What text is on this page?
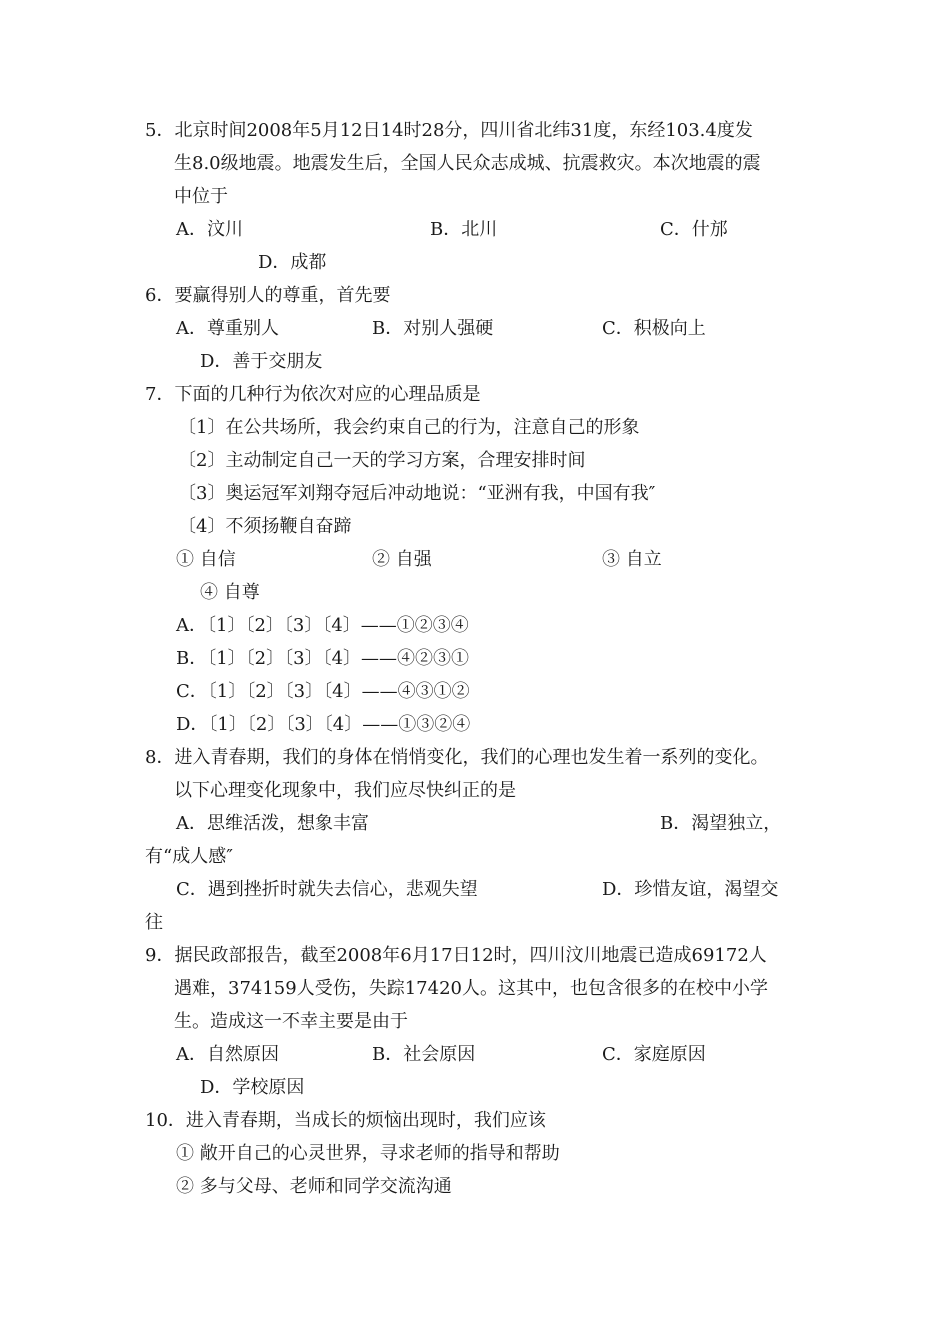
5．北京时间2008年5月12日14时28分，四川省北纬31度，东经103.4度发
生8.0级地震。地震发生后，全国人民众志成城、抗震救灾。本次地震的震
中位于
A．汶川	B．北川	C．什邡
D．成都
6．要赢得别人的尊重，首先要
A．尊重别人	B．对别人强硬	C．积极向上
D．善于交朋友
7．下面的几种行为依次对应的心理品质是
〔1〕在公共场所，我会约束自己的行为，注意自己的形象
〔2〕主动制定自己一天的学习方案，合理安排时间
〔3〕奥运冠军刘翔夺冠后冲动地说：“亚洲有我，中国有我″
〔4〕不须扬鞭自奋蹄
① 自信	② 自强	③ 自立
④ 自尊
A．〔1〕〔2〕〔3〕〔4〕——①②③④
B．〔1〕〔2〕〔3〕〔4〕——④②③①
C．〔1〕〔2〕〔3〕〔4〕——④③①②
D．〔1〕〔2〕〔3〕〔4〕——①③②④
8．进入青春期，我们的身体在悄悄变化，我们的心理也发生着一系列的变化。
以下心理变化现象中，我们应尽快纠正的是
A．思维活泼，想象丰富	B．渴望独立，
有“成人感″
C．遇到挫折时就失去信心，悲观失望	D．珍惜友谊，渴望交
往
9．据民政部报告，截至2008年6月17日12时，四川汶川地震已造成69172人
遇难，374159人受伤，失踪17420人。这其中，也包含很多的在校中小学
生。造成这一不幸主要是由于
A．自然原因	B．社会原因	C．家庭原因
D．学校原因
10．进入青春期，当成长的烦恼出现时，我们应该
① 敞开自己的心灵世界，寻求老师的指导和帮助
② 多与父母、老师和同学交流沟通
